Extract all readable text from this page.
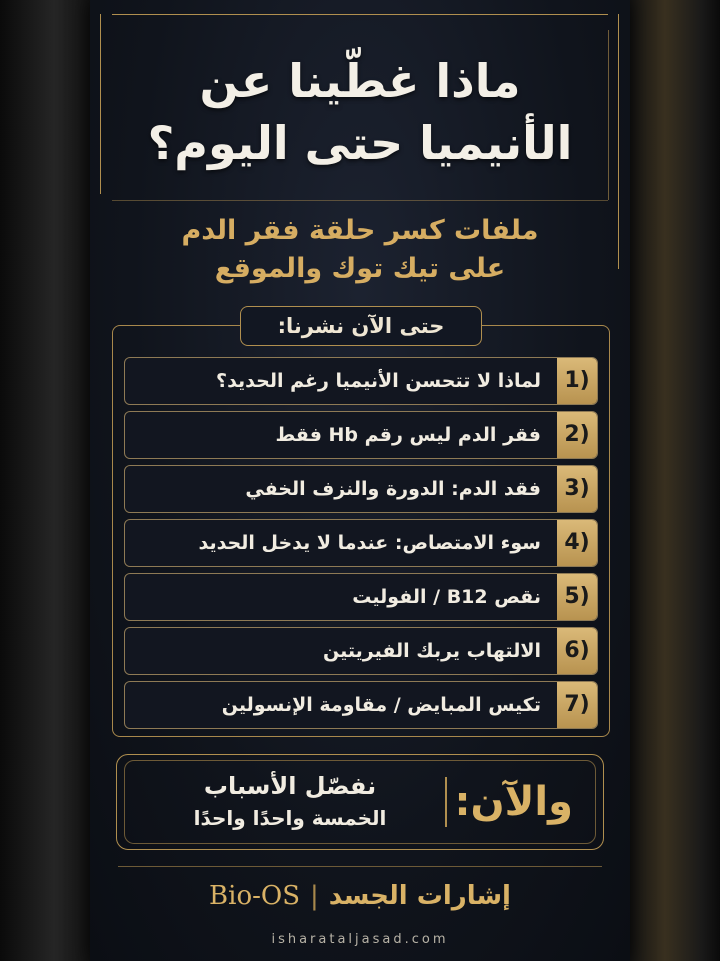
ماذا غطّينا عن
الأنيميا حتى اليوم؟
ملفات كسر حلقة فقر الدم
على تيك توك والموقع
حتى الآن نشرنا:
(1
لماذا لا تتحسن الأنيميا رغم الحديد؟
(2
فقر الدم ليس رقم Hb فقط
(3
فقد الدم: الدورة والنزف الخفي
(4
سوء الامتصاص: عندما لا يدخل الحديد
(5
نقص B12 / الفوليت
(6
الالتهاب يربك الفيريتين
(7
تكيس المبايض / مقاومة الإنسولين
والآن:
نفصّل الأسباب
الخمسة واحدًا واحدًا
Bio-OS | إشارات الجسد
isharataljasad.com
